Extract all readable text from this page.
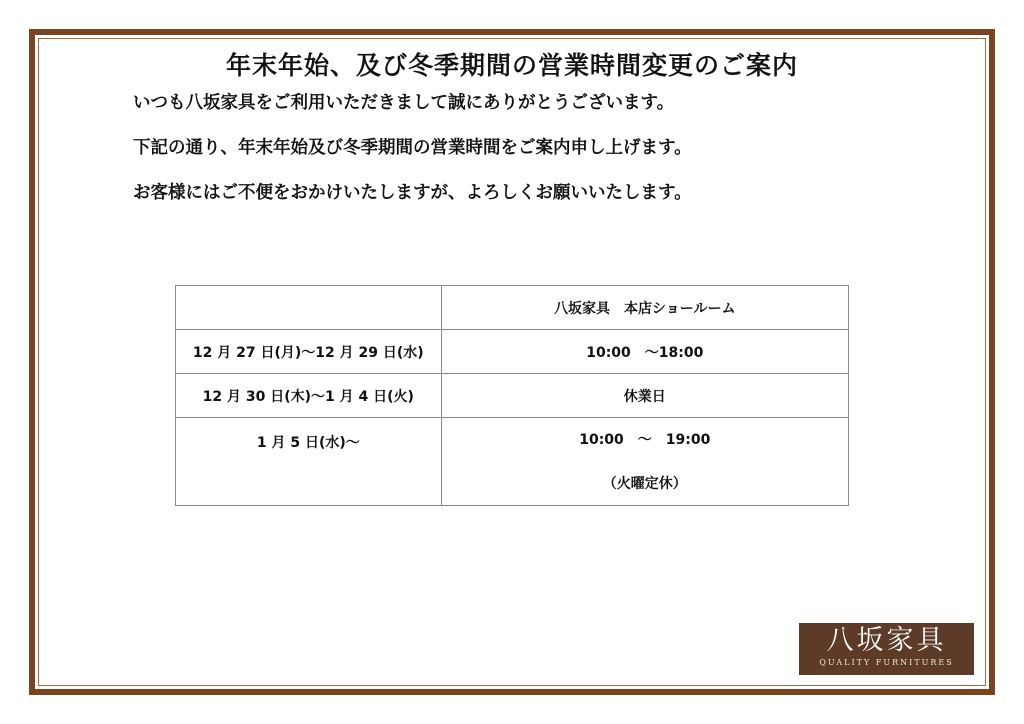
年末年始、及び冬季期間の営業時間変更のご案内
いつも八坂家具をご利用いただきまして誠にありがとうございます。
下記の通り、年末年始及び冬季期間の営業時間をご案内申し上げます。
お客様にはご不便をおかけいたしますが、よろしくお願いいたします。
	八坂家具　本店ショールーム
12 月 27 日(月)～12 月 29 日(水)	10:00　～18:00
12 月 30 日(木)～1 月 4 日(火)	休業日

1 月 5 日(水)～	10:00　～　19:00
（火曜定休）
八坂家具
QUALITY FURNITURES
